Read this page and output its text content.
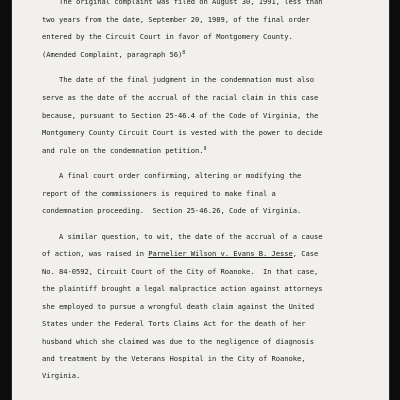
The original complaint was filed on August 30, 1991, less than
two years from the date, September 20, 1989, of the final order
entered by the Circuit Court in favor of Montgomery County.
(Amended Complaint, paragraph 56)$^8$
The date of the final judgment in the condemnation must also
serve as the date of the accrual of the racial claim in this case
because, pursuant to Section 25-46.4 of the Code of Virginia, the
Montgomery County Circuit Court is vested with the power to decide
and rule on the condemnation petition.$^9$
A final court order confirming, altering or modifying the
report of the commissioners is required to make final a
condemnation proceeding.  Section 25-46.26, Code of Virginia.
A similar question, to wit, the date of the accrual of a cause
of action, was raised in Parnelier Wilson v. Evans B. Jesse, Case
No. 84-0592, Circuit Court of the City of Roanoke.  In that case,
the plaintiff brought a legal malpractice action against attorneys
she employed to pursue a wrongful death claim against the United
States under the Federal Torts Claims Act for the death of her
husband which she claimed was due to the negligence of diagnosis
and treatment by the Veterans Hospital in the City of Roanoke,
Virginia.
